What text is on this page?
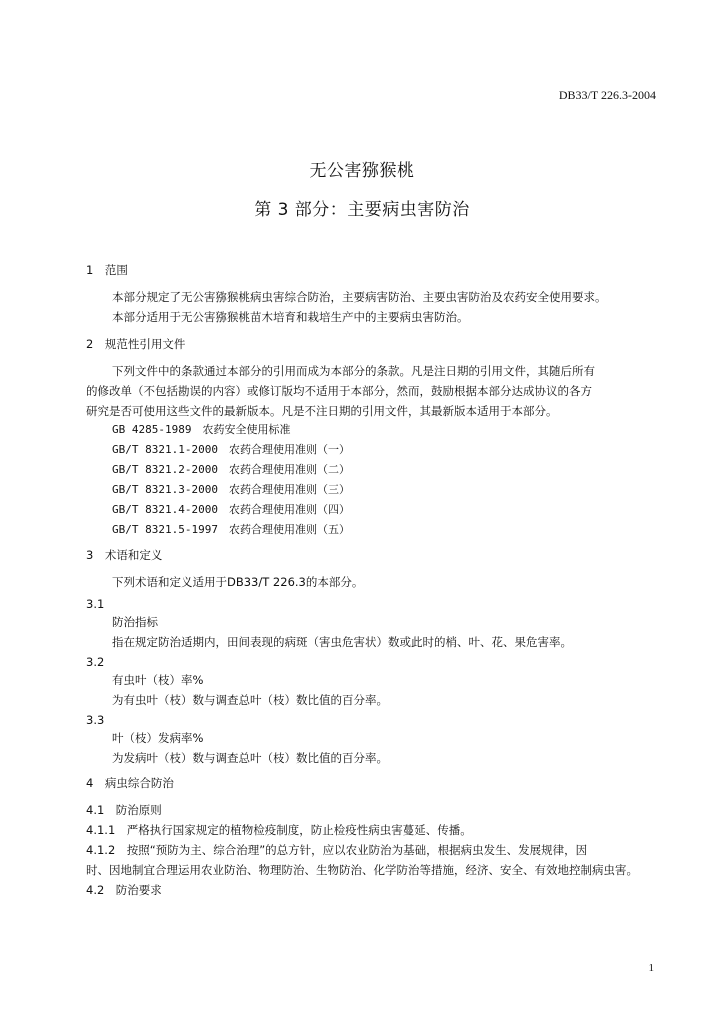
DB33/T 226.3-2004
无公害猕猴桃
第 3 部分：主要病虫害防治
1　范围
本部分规定了无公害猕猴桃病虫害综合防治，主要病害防治、主要虫害防治及农药安全使用要求。
本部分适用于无公害猕猴桃苗木培育和栽培生产中的主要病虫害防治。
2　规范性引用文件
下列文件中的条款通过本部分的引用而成为本部分的条款。凡是注日期的引用文件，其随后所有
的修改单（不包括勘误的内容）或修订版均不适用于本部分，然而，鼓励根据本部分达成协议的各方
研究是否可使用这些文件的最新版本。凡是不注日期的引用文件，其最新版本适用于本部分。
GB 4285-1989　农药安全使用标准
GB/T 8321.1-2000　农药合理使用准则（一）
GB/T 8321.2-2000　农药合理使用准则（二）
GB/T 8321.3-2000　农药合理使用准则（三）
GB/T 8321.4-2000　农药合理使用准则（四）
GB/T 8321.5-1997　农药合理使用准则（五）
3　术语和定义
下列术语和定义适用于DB33/T 226.3的本部分。
3.1
防治指标
指在规定防治适期内，田间表现的病斑（害虫危害状）数或此时的梢、叶、花、果危害率。
3.2
有虫叶（枝）率%
为有虫叶（枝）数与调查总叶（枝）数比值的百分率。
3.3
叶（枝）发病率%
为发病叶（枝）数与调查总叶（枝）数比值的百分率。
4　病虫综合防治
4.1　防治原则
4.1.1　严格执行国家规定的植物检疫制度，防止检疫性病虫害蔓延、传播。
4.1.2　按照“预防为主、综合治理”的总方针，应以农业防治为基础，根据病虫发生、发展规律，因
时、因地制宜合理运用农业防治、物理防治、生物防治、化学防治等措施，经济、安全、有效地控制病虫害。
4.2　防治要求
1
